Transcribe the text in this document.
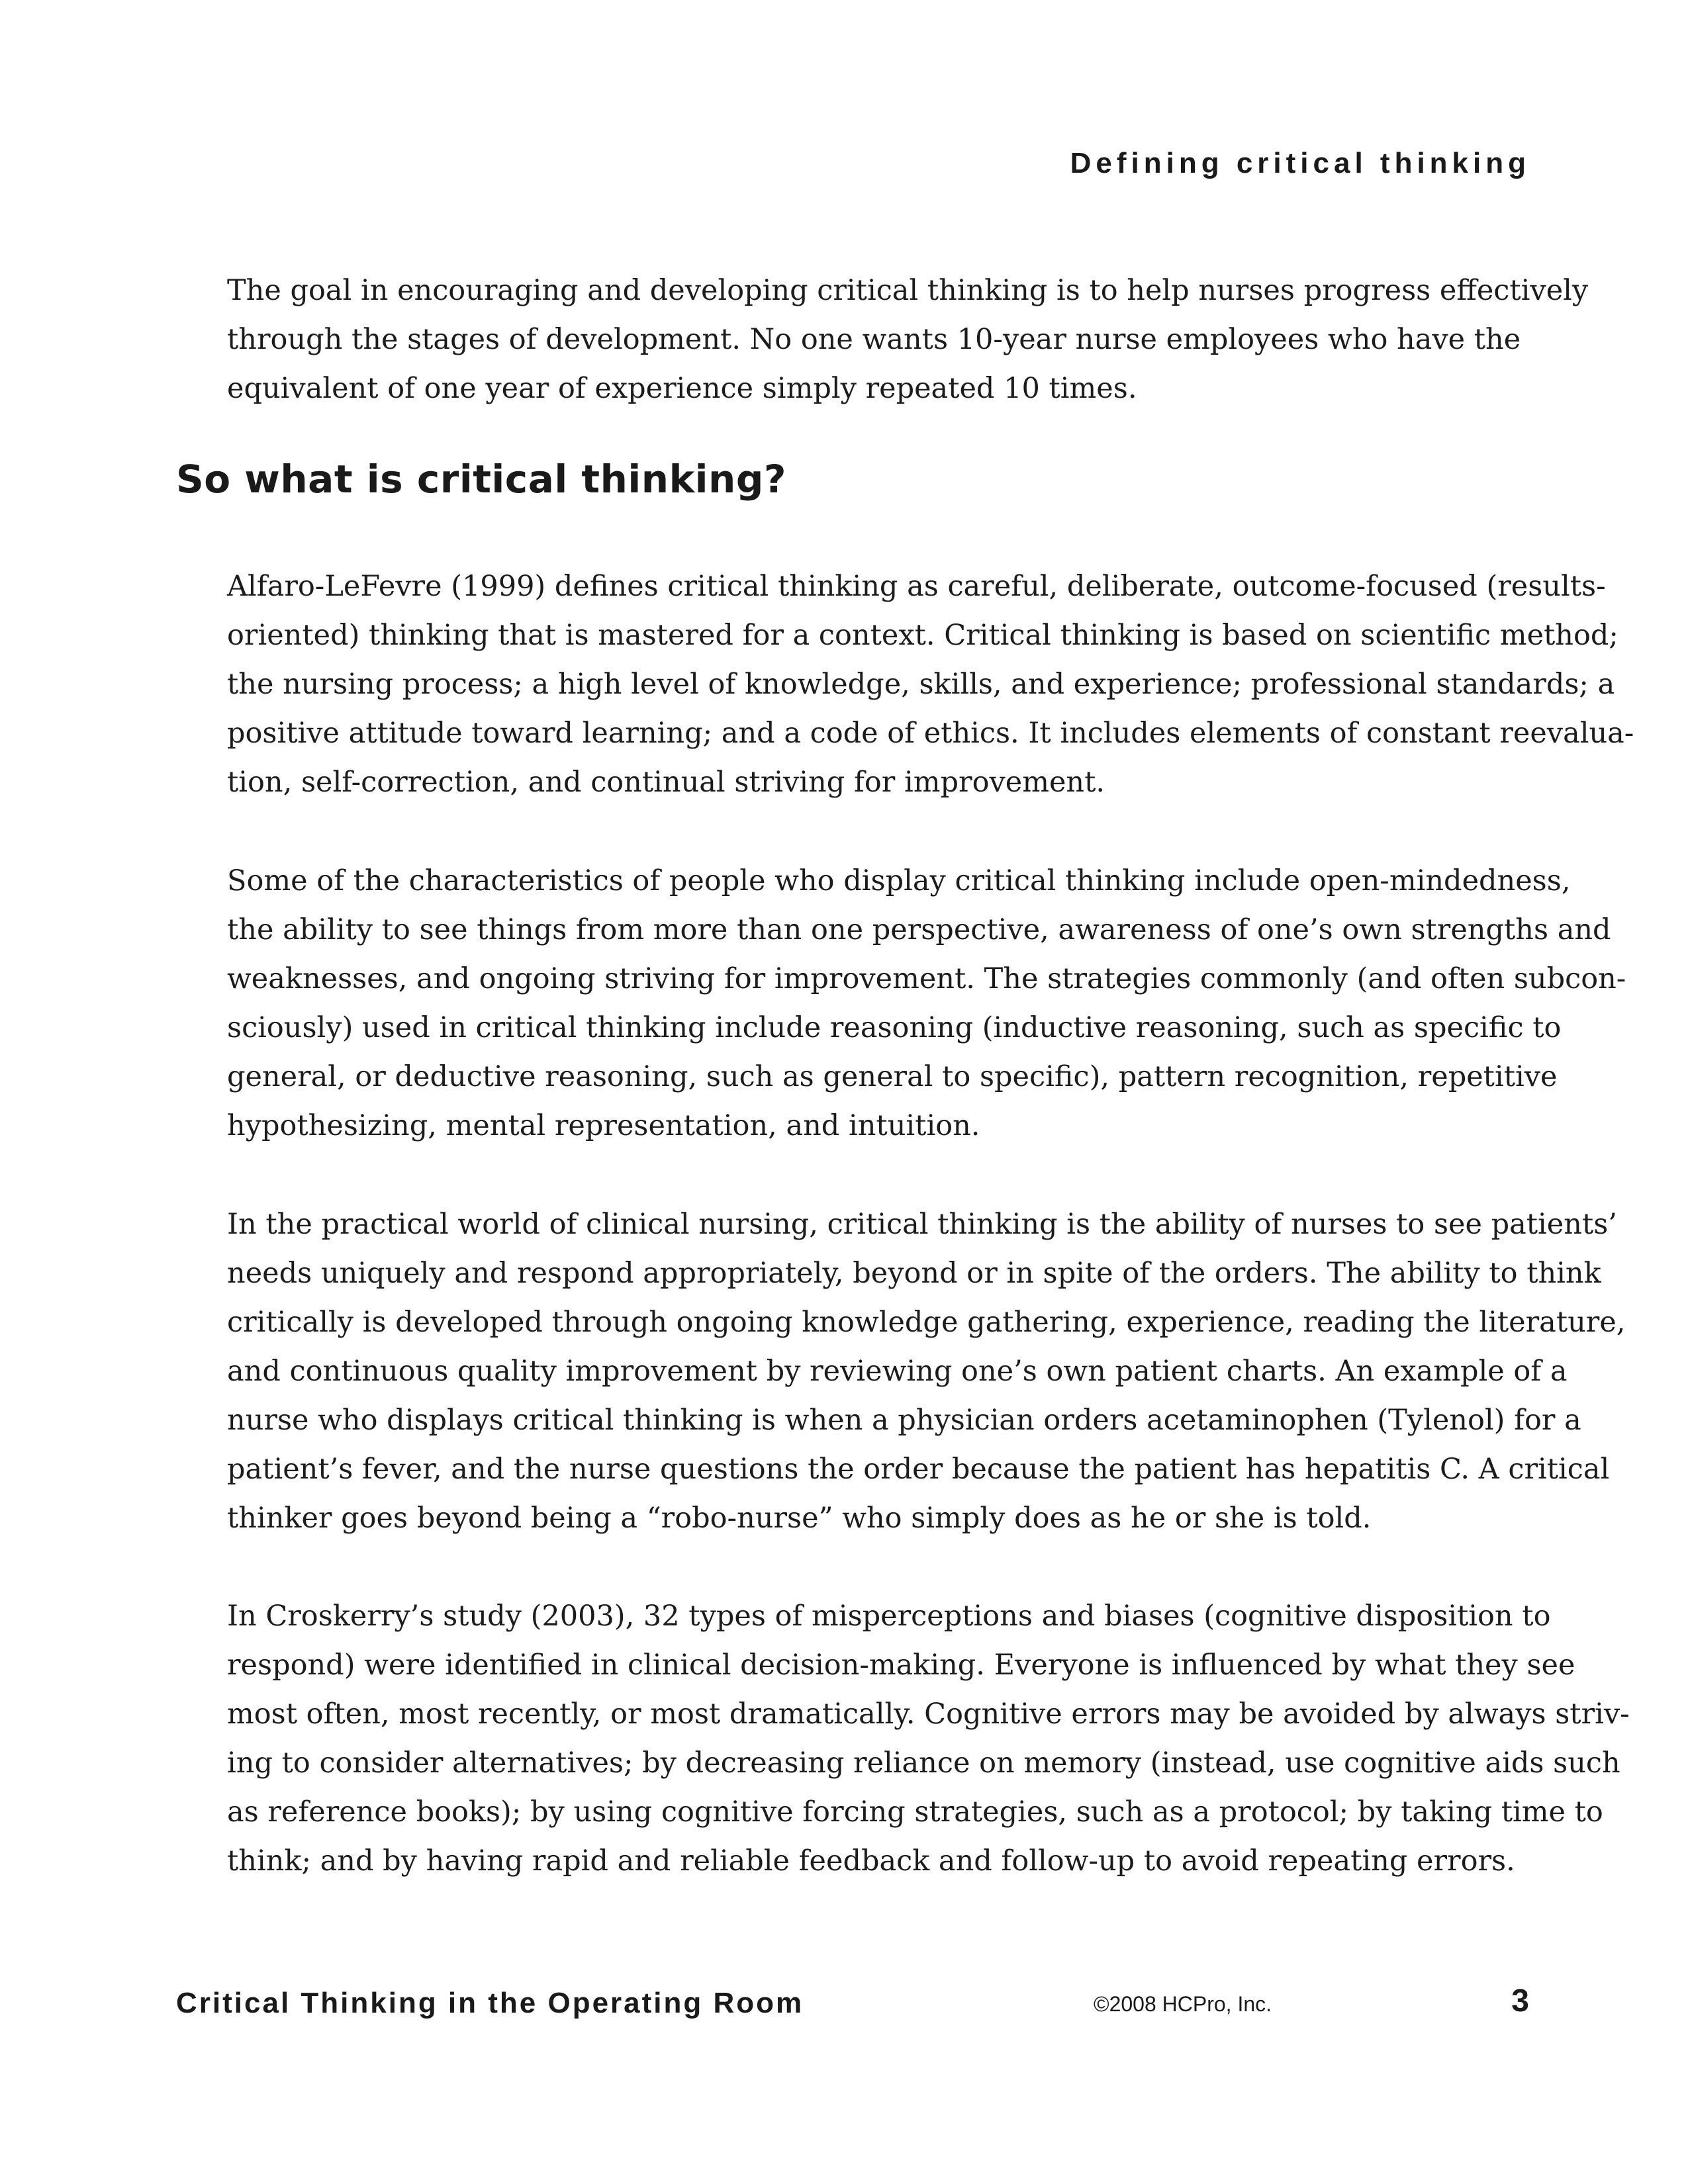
Defining critical thinking

The goal in encouraging and developing critical thinking is to help nurses progress effectively
through the stages of development. No one wants 10-year nurse employees who have the
equivalent of one year of experience simply repeated 10 times.

So what is critical thinking?

Alfaro-LeFevre (1999) defines critical thinking as careful, deliberate, outcome-focused (results-
oriented) thinking that is mastered for a context. Critical thinking is based on scientific method;
the nursing process; a high level of knowledge, skills, and experience; professional standards; a
positive attitude toward learning; and a code of ethics. It includes elements of constant reevalua-
tion, self-correction, and continual striving for improvement.

Some of the characteristics of people who display critical thinking include open-mindedness,
the ability to see things from more than one perspective, awareness of one’s own strengths and
weaknesses, and ongoing striving for improvement. The strategies commonly (and often subcon-
sciously) used in critical thinking include reasoning (inductive reasoning, such as specific to
general, or deductive reasoning, such as general to specific), pattern recognition, repetitive
hypothesizing, mental representation, and intuition.

In the practical world of clinical nursing, critical thinking is the ability of nurses to see patients’
needs uniquely and respond appropriately, beyond or in spite of the orders. The ability to think
critically is developed through ongoing knowledge gathering, experience, reading the literature,
and continuous quality improvement by reviewing one’s own patient charts. An example of a
nurse who displays critical thinking is when a physician orders acetaminophen (Tylenol) for a
patient’s fever, and the nurse questions the order because the patient has hepatitis C. A critical
thinker goes beyond being a “robo-nurse” who simply does as he or she is told.

In Croskerry’s study (2003), 32 types of misperceptions and biases (cognitive disposition to
respond) were identified in clinical decision-making. Everyone is influenced by what they see
most often, most recently, or most dramatically. Cognitive errors may be avoided by always striv-
ing to consider alternatives; by decreasing reliance on memory (instead, use cognitive aids such
as reference books); by using cognitive forcing strategies, such as a protocol; by taking time to
think; and by having rapid and reliable feedback and follow-up to avoid repeating errors.

Critical Thinking in the Operating Room	©2008 HCPro, Inc.	3
